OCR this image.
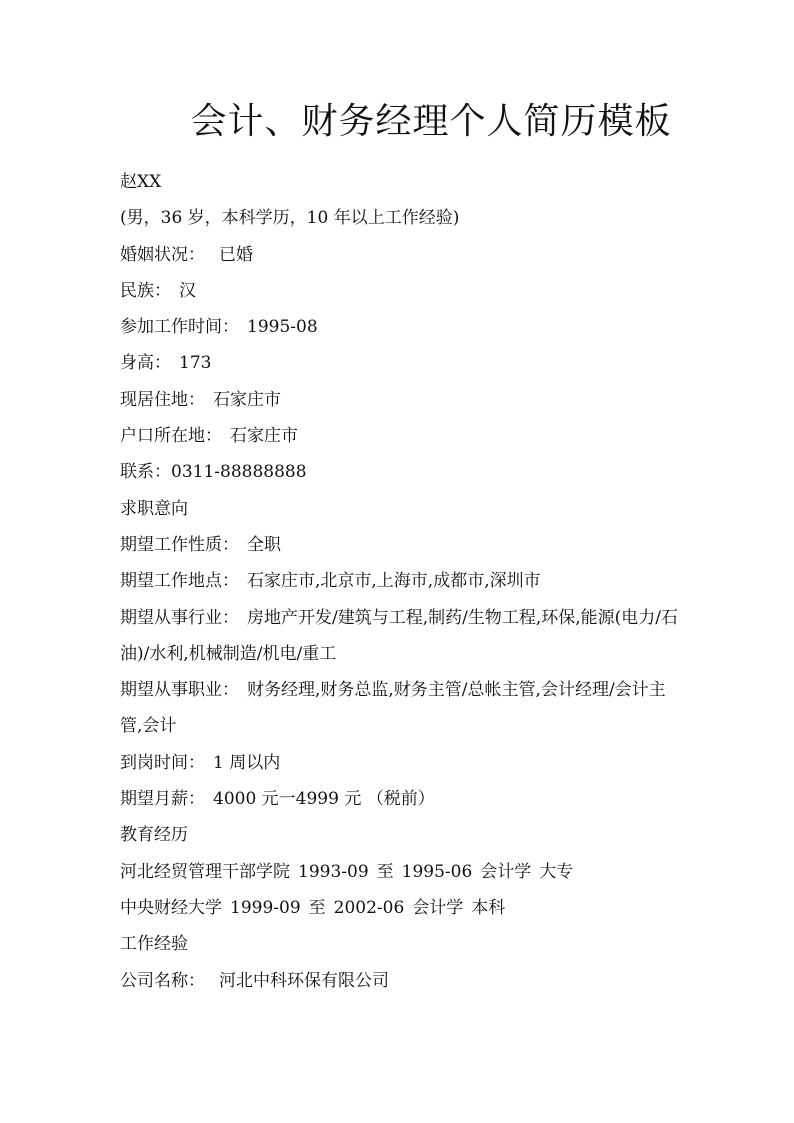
会计、财务经理个人简历模板
赵XX
(男，36 岁，本科学历，10 年以上工作经验)
婚姻状况： 已婚
民族： 汉
参加工作时间： 1995-08
身高： 173
现居住地： 石家庄市
户口所在地： 石家庄市
联系：0311-88888888
求职意向
期望工作性质： 全职
期望工作地点： 石家庄市,北京市,上海市,成都市,深圳市
期望从事行业： 房地产开发/建筑与工程,制药/生物工程,环保,能源(电力/石油)/水利,机械制造/机电/重工
期望从事职业： 财务经理,财务总监,财务主管/总帐主管,会计经理/会计主管,会计
到岗时间： 1 周以内
期望月薪： 4000 元一4999 元 （税前）
教育经历
河北经贸管理干部学院 1993-09 至 1995-06 会计学 大专
中央财经大学 1999-09 至 2002-06 会计学 本科
工作经验
公司名称： 河北中科环保有限公司
